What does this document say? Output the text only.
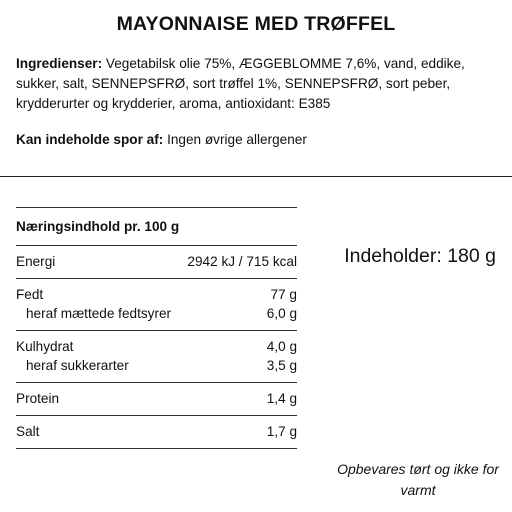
MAYONNAISE MED TRØFFEL
Ingredienser: Vegetabilsk olie 75%, ÆGGEBLOMME 7,6%, vand, eddike, sukker, salt, SENNEPSFRØ, sort trøffel 1%, SENNEPSFRØ, sort peber, krydderurter og krydderier, aroma, antioxidant: E385
Kan indeholde spor af: Ingen øvrige allergener
Næringsindhold pr. 100 g
Energi	2942 kJ / 715 kcal
Fedt	77 g
heraf mættede fedtsyrer	6,0 g
Kulhydrat	4,0 g
heraf sukkerarter	3,5 g
Protein	1,4 g
Salt	1,7 g
Indeholder: 180 g
Opbevares tørt og ikke for varmt
